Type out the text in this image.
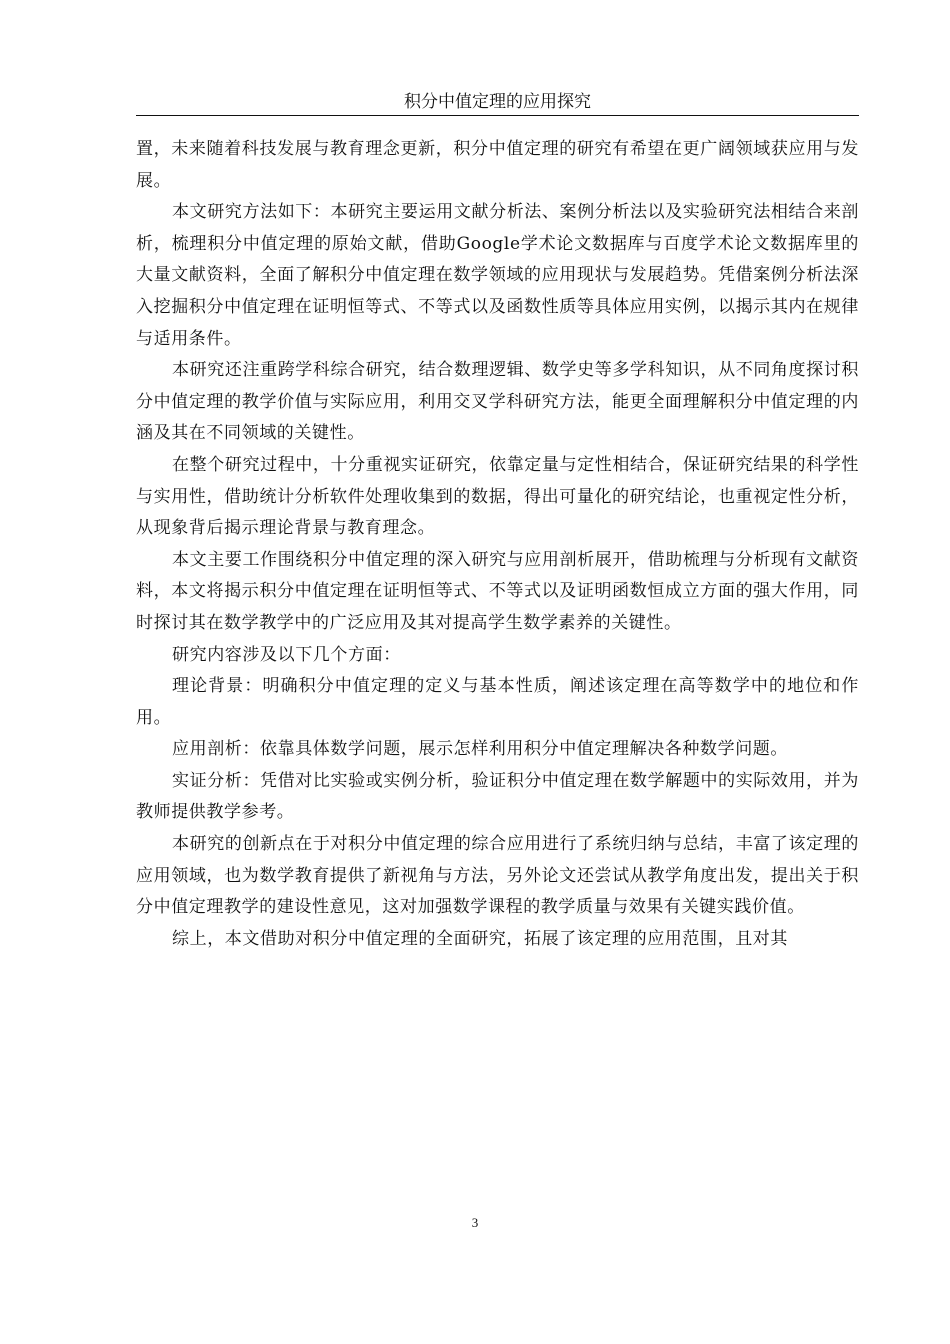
积分中值定理的应用探究

置，未来随着科技发展与教育理念更新，积分中值定理的研究有希望在更广阔领域获应用与发展。

本文研究方法如下：本研究主要运用文献分析法、案例分析法以及实验研究法相结合来剖析，梳理积分中值定理的原始文献，借助Google学术论文数据库与百度学术论文数据库里的大量文献资料，全面了解积分中值定理在数学领域的应用现状与发展趋势。凭借案例分析法深入挖掘积分中值定理在证明恒等式、不等式以及函数性质等具体应用实例，以揭示其内在规律与适用条件。

本研究还注重跨学科综合研究，结合数理逻辑、数学史等多学科知识，从不同角度探讨积分中值定理的教学价值与实际应用，利用交叉学科研究方法，能更全面理解积分中值定理的内涵及其在不同领域的关键性。

在整个研究过程中，十分重视实证研究，依靠定量与定性相结合，保证研究结果的科学性与实用性，借助统计分析软件处理收集到的数据，得出可量化的研究结论，也重视定性分析，从现象背后揭示理论背景与教育理念。

本文主要工作围绕积分中值定理的深入研究与应用剖析展开，借助梳理与分析现有文献资料，本文将揭示积分中值定理在证明恒等式、不等式以及证明函数恒成立方面的强大作用，同时探讨其在数学教学中的广泛应用及其对提高学生数学素养的关键性。

研究内容涉及以下几个方面：

理论背景：明确积分中值定理的定义与基本性质，阐述该定理在高等数学中的地位和作用。

应用剖析：依靠具体数学问题，展示怎样利用积分中值定理解决各种数学问题。

实证分析：凭借对比实验或实例分析，验证积分中值定理在数学解题中的实际效用，并为教师提供教学参考。

本研究的创新点在于对积分中值定理的综合应用进行了系统归纳与总结，丰富了该定理的应用领域，也为数学教育提供了新视角与方法，另外论文还尝试从教学角度出发，提出关于积分中值定理教学的建设性意见，这对加强数学课程的教学质量与效果有关键实践价值。

综上，本文借助对积分中值定理的全面研究，拓展了该定理的应用范围，且对其

3
